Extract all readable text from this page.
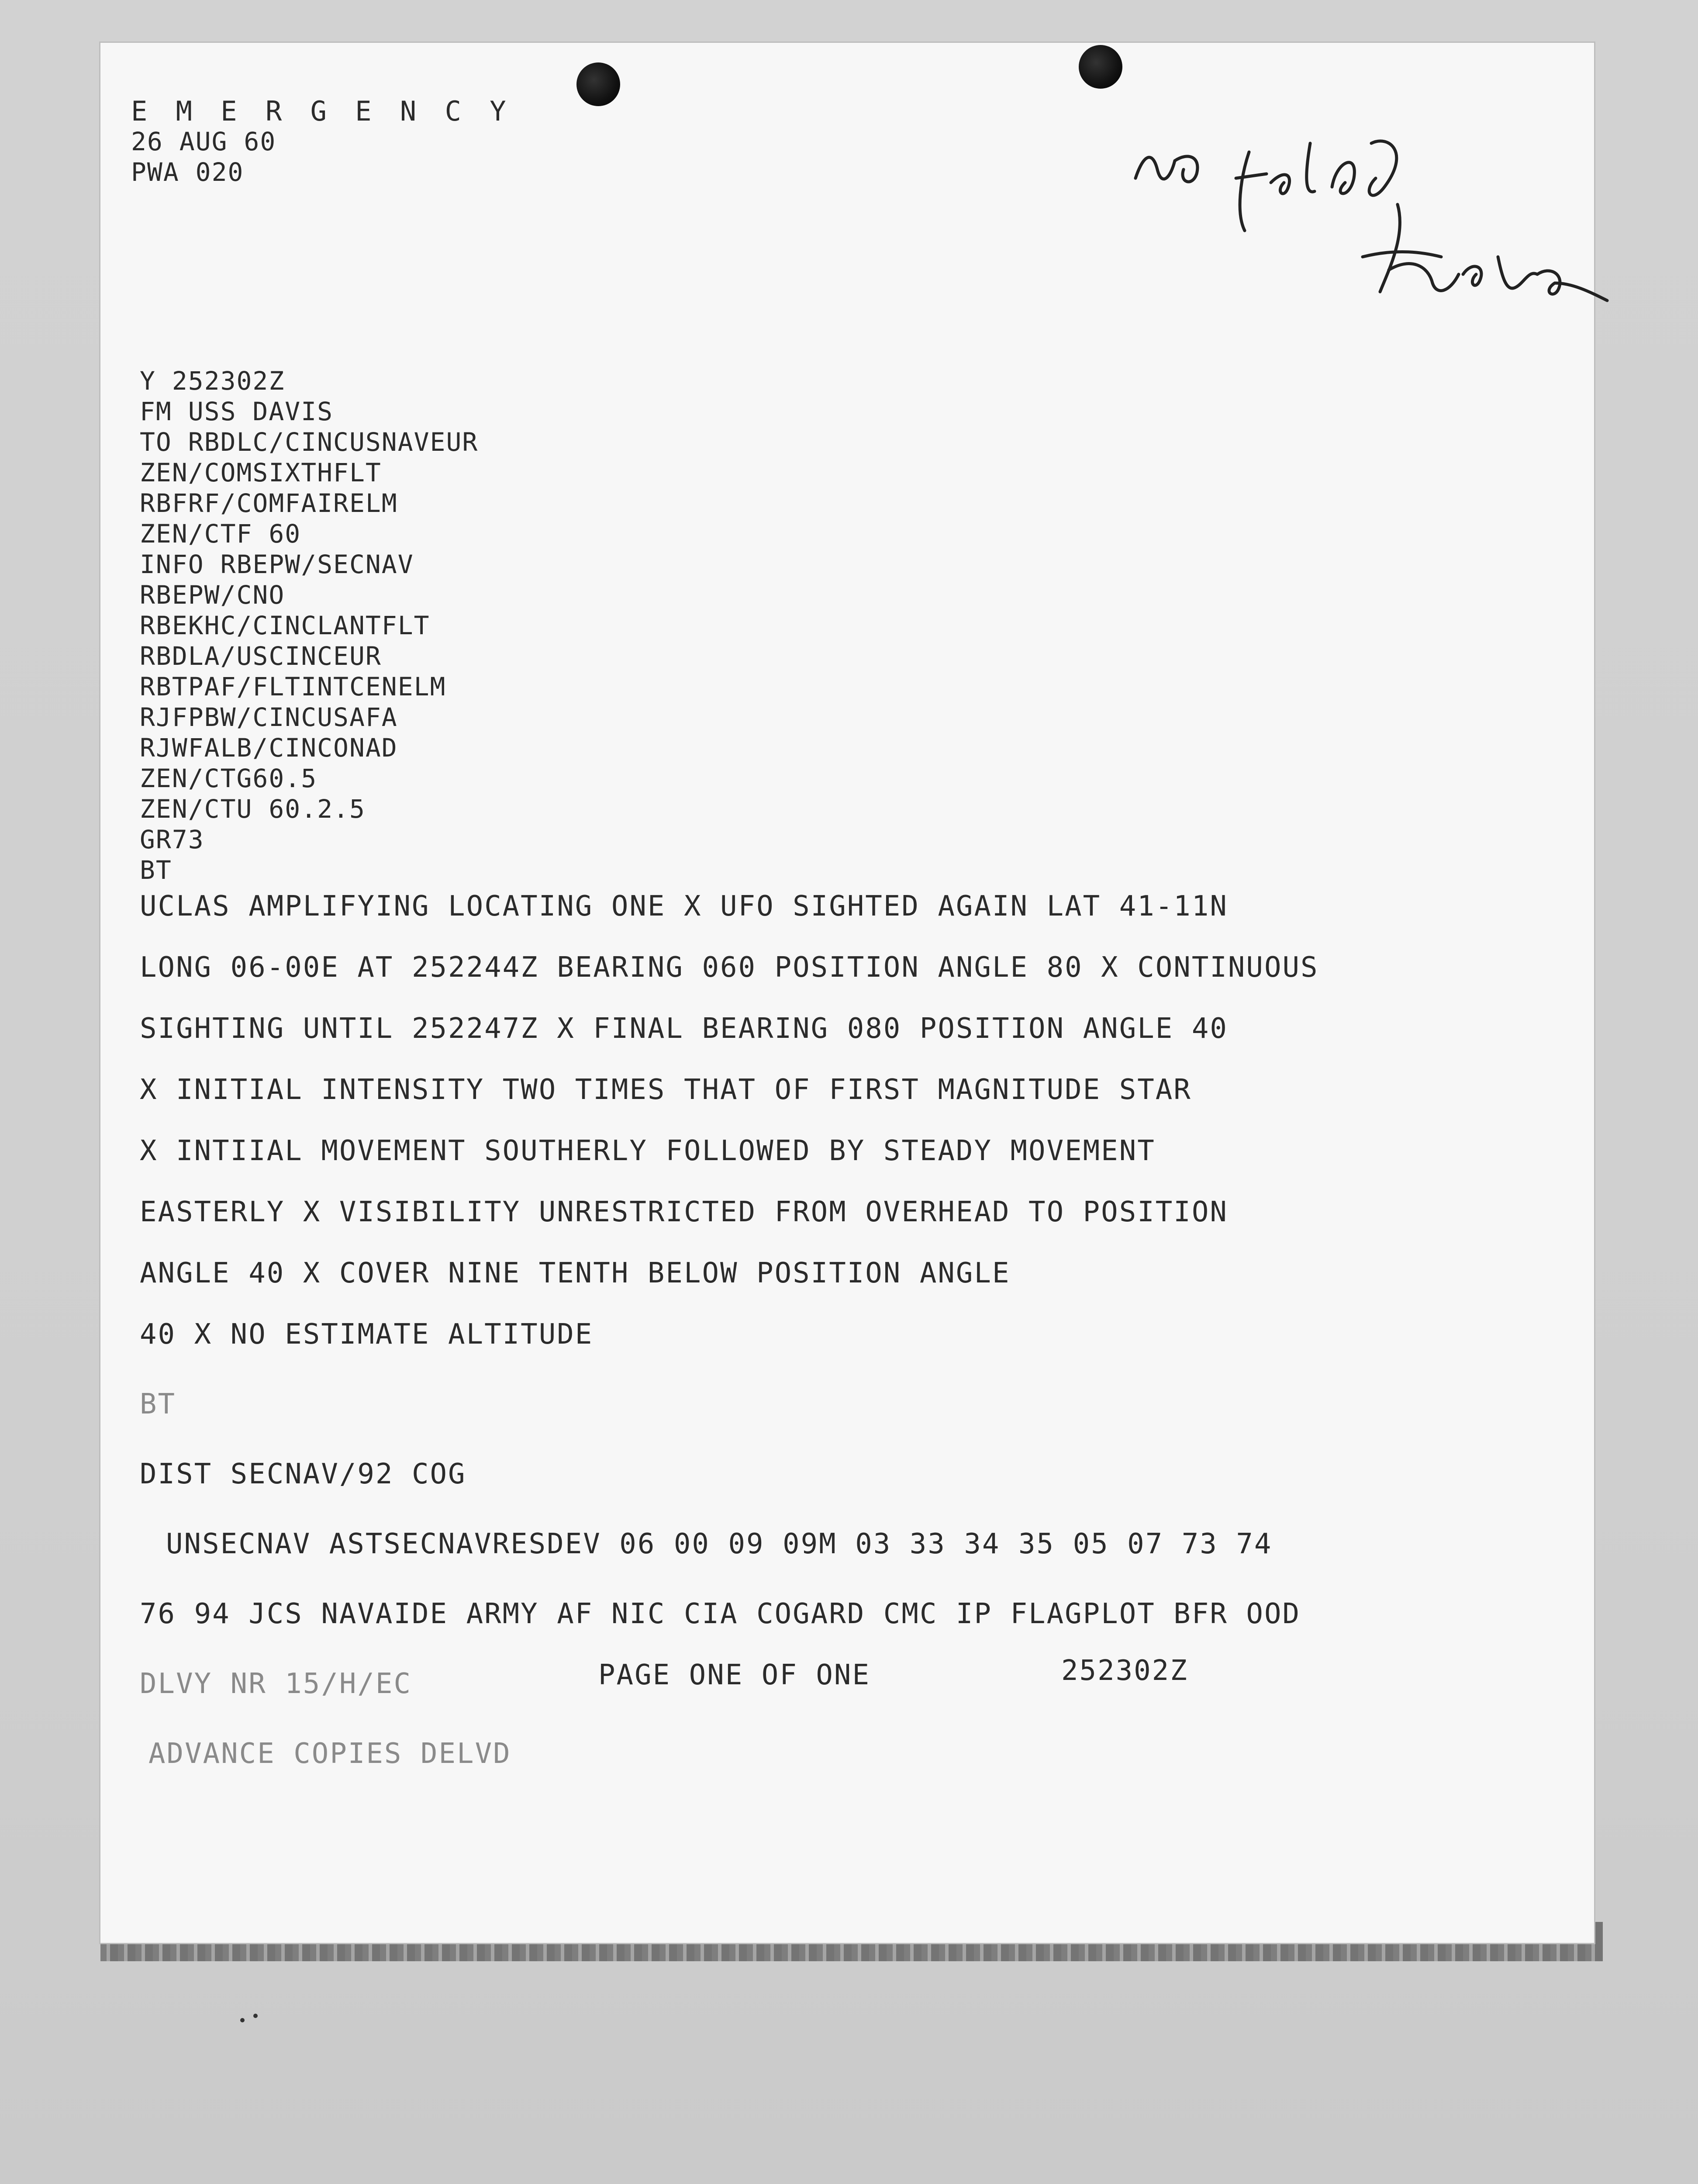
E M E R G E N C Y
26 AUG 60
PWA 020
Y 252302Z
FM USS DAVIS
TO RBDLC/CINCUSNAVEUR
ZEN/COMSIXTHFLT
RBFRF/COMFAIRELM
ZEN/CTF 60
INFO RBEPW/SECNAV
RBEPW/CNO
RBEKHC/CINCLANTFLT
RBDLA/USCINCEUR
RBTPAF/FLTINTCENELM
RJFPBW/CINCUSAFA
RJWFALB/CINCONAD
ZEN/CTG60.5
ZEN/CTU 60.2.5
GR73
BT
UCLAS AMPLIFYING LOCATING ONE X UFO SIGHTED AGAIN LAT 41-11N
LONG 06-00E AT 252244Z BEARING 060 POSITION ANGLE 80 X CONTINUOUS
SIGHTING UNTIL 252247Z X FINAL BEARING 080 POSITION ANGLE 40
X INITIAL INTENSITY TWO TIMES THAT OF FIRST MAGNITUDE STAR
X INTIIAL MOVEMENT SOUTHERLY FOLLOWED BY STEADY MOVEMENT
EASTERLY X VISIBILITY UNRESTRICTED FROM OVERHEAD TO POSITION
ANGLE 40 X COVER NINE TENTH BELOW POSITION ANGLE
40 X NO ESTIMATE ALTITUDE
BT
DIST SECNAV/92 COG
UNSECNAV ASTSECNAVRESDEV 06 00 09 09M 03 33 34 35 05 07 73 74
76 94 JCS NAVAIDE ARMY AF NIC CIA COGARD CMC IP FLAGPLOT BFR OOD
DLVY NR 15/H/EC	PAGE ONE OF ONE	252302Z
ADVANCE COPIES DELVD
